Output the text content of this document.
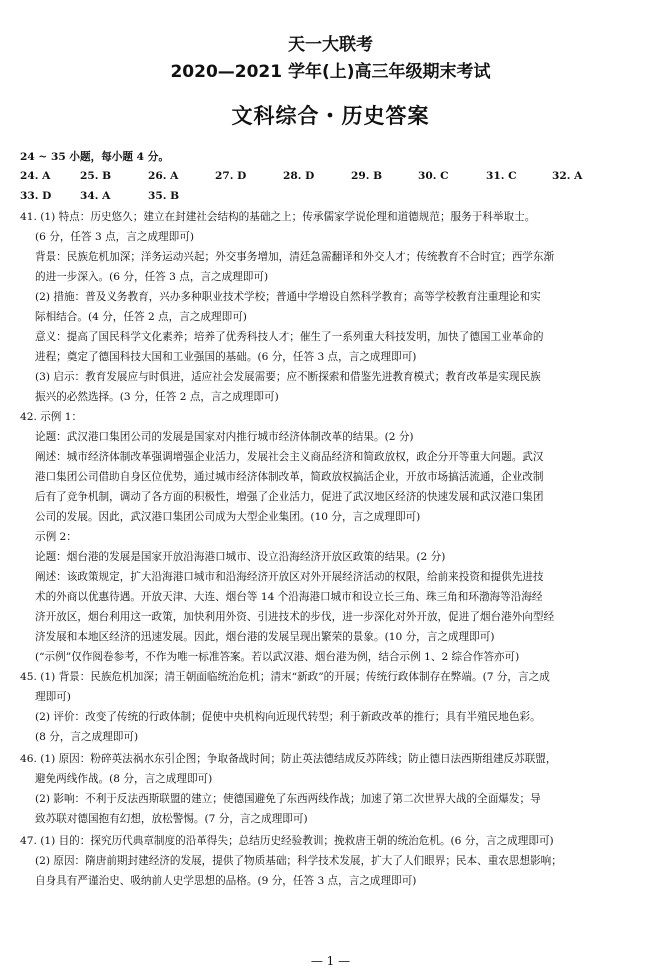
天一大联考
2020—2021 学年(上)高三年级期末考试
文科综合・历史答案
24 ~ 35 小题，每小题 4 分。
24. A	25. B	26. A	27. D	28. D	29. B	30. C	31. C	32. A
33. D	34. A	35. B
41. (1) 特点：历史悠久；建立在封建社会结构的基础之上；传承儒家学说伦理和道德规范；服务于科举取士。
(6 分，任答 3 点，言之成理即可)
背景：民族危机加深；洋务运动兴起；外交事务增加，清廷急需翻译和外交人才；传统教育不合时宜；西学东渐
的进一步深入。(6 分，任答 3 点，言之成理即可)
(2) 措施：普及义务教育，兴办多种职业技术学校；普通中学增设自然科学教育；高等学校教育注重理论和实
际相结合。(4 分，任答 2 点，言之成理即可)
意义：提高了国民科学文化素养；培养了优秀科技人才；催生了一系列重大科技发明，加快了德国工业革命的
进程；奠定了德国科技大国和工业强国的基础。(6 分，任答 3 点，言之成理即可)
(3) 启示：教育发展应与时俱进，适应社会发展需要；应不断探索和借鉴先进教育模式；教育改革是实现民族
振兴的必然选择。(3 分，任答 2 点，言之成理即可)
42. 示例 1：
论题：武汉港口集团公司的发展是国家对内推行城市经济体制改革的结果。(2 分)
阐述：城市经济体制改革强调增强企业活力，发展社会主义商品经济和简政放权，政企分开等重大问题。武汉
港口集团公司借助自身区位优势，通过城市经济体制改革，简政放权搞活企业，开放市场搞活流通，企业改制
后有了竞争机制，调动了各方面的积极性，增强了企业活力，促进了武汉地区经济的快速发展和武汉港口集团
公司的发展。因此，武汉港口集团公司成为大型企业集团。(10 分，言之成理即可)
示例 2：
论题：烟台港的发展是国家开放沿海港口城市、设立沿海经济开放区政策的结果。(2 分)
阐述：该政策规定，扩大沿海港口城市和沿海经济开放区对外开展经济活动的权限，给前来投资和提供先进技
术的外商以优惠待遇。开放天津、大连、烟台等 14 个沿海港口城市和设立长三角、珠三角和环渤海等沿海经
济开放区，烟台利用这一政策，加快利用外资、引进技术的步伐，进一步深化对外开放，促进了烟台港外向型经
济发展和本地区经济的迅速发展。因此，烟台港的发展呈现出繁荣的景象。(10 分，言之成理即可)
(“示例”仅作阅卷参考，不作为唯一标准答案。若以武汉港、烟台港为例，结合示例 1、2 综合作答亦可)
45. (1) 背景：民族危机加深；清王朝面临统治危机；清末“新政”的开展；传统行政体制存在弊端。(7 分，言之成
理即可)
(2) 评价：改变了传统的行政体制；促使中央机构向近现代转型；利于新政改革的推行；具有半殖民地色彩。
(8 分，言之成理即可)
46. (1) 原因：粉碎英法祸水东引企图；争取备战时间；防止英法德结成反苏阵线；防止德日法西斯组建反苏联盟，
避免两线作战。(8 分，言之成理即可)
(2) 影响：不利于反法西斯联盟的建立；使德国避免了东西两线作战；加速了第二次世界大战的全面爆发；导
致苏联对德国抱有幻想，放松警惕。(7 分，言之成理即可)
47. (1) 目的：探究历代典章制度的沿革得失；总结历史经验教训；挽救唐王朝的统治危机。(6 分，言之成理即可)
(2) 原因：隋唐前期封建经济的发展，提供了物质基础；科学技术发展，扩大了人们眼界；民本、重农思想影响；
自身具有严谨治史、吸纳前人史学思想的品格。(9 分，任答 3 点，言之成理即可)
— 1 —
